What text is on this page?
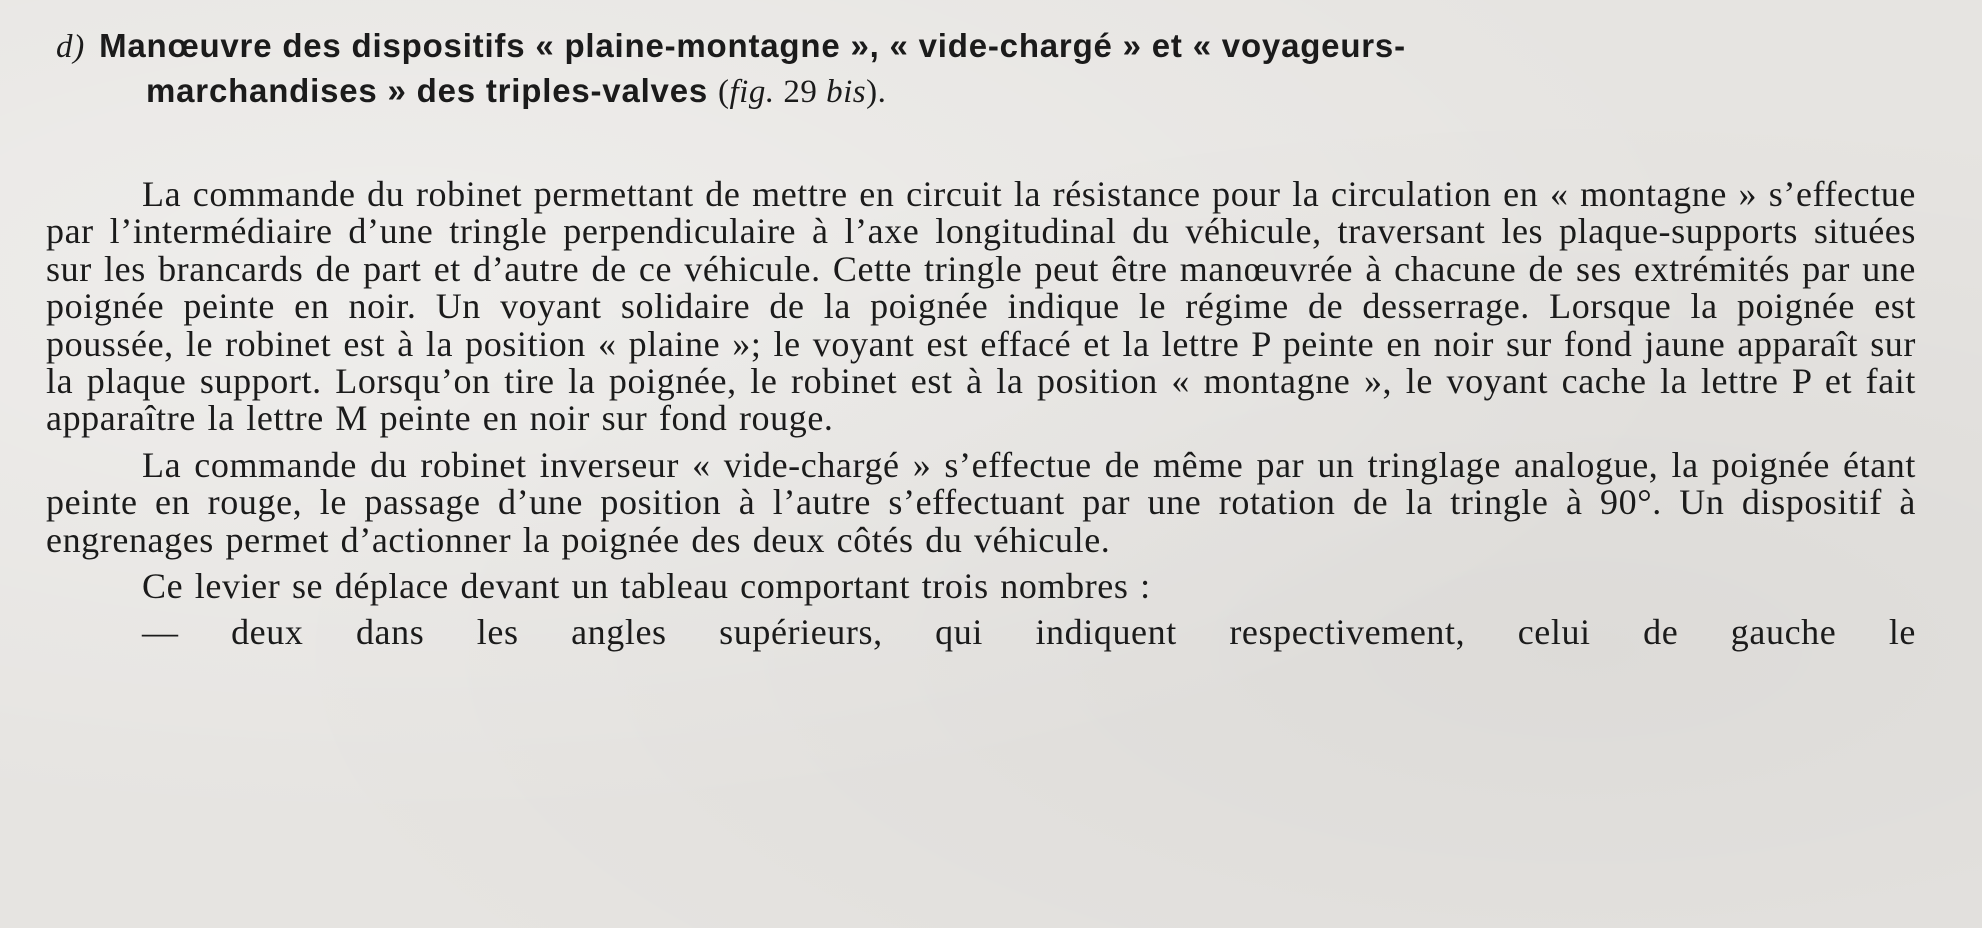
d) Manœuvre des dispositifs « plaine-montagne », « vide-chargé » et « voyageurs-
marchandises » des triples-valves (fig. 29 bis).

La commande du robinet permettant de mettre en circuit la résistance pour la circulation en « montagne » s’effectue par l’intermédiaire d’une tringle perpendiculaire à l’axe longitudinal du véhicule, traversant les plaque-supports situées sur les brancards de part et d’autre de ce véhicule. Cette tringle peut être manœuvrée à chacune de ses extrémités par une poignée peinte en noir. Un voyant solidaire de la poignée indique le régime de desserrage. Lorsque la poignée est poussée, le robinet est à la position « plaine »; le voyant est effacé et la lettre P peinte en noir sur fond jaune apparaît sur la plaque support. Lorsqu’on tire la poignée, le robinet est à la position « montagne », le voyant cache la lettre P et fait apparaître la lettre M peinte en noir sur fond rouge.

La commande du robinet inverseur « vide-chargé » s’effectue de même par un tringlage analogue, la poignée étant peinte en rouge, le passage d’une position à l’autre s’effectuant par une rotation de la tringle à 90°. Un dispositif à engrenages permet d’actionner la poignée des deux côtés du véhicule.

Ce levier se déplace devant un tableau comportant trois nombres :

— deux dans les angles supérieurs, qui indiquent respectivement, celui de gauche le
